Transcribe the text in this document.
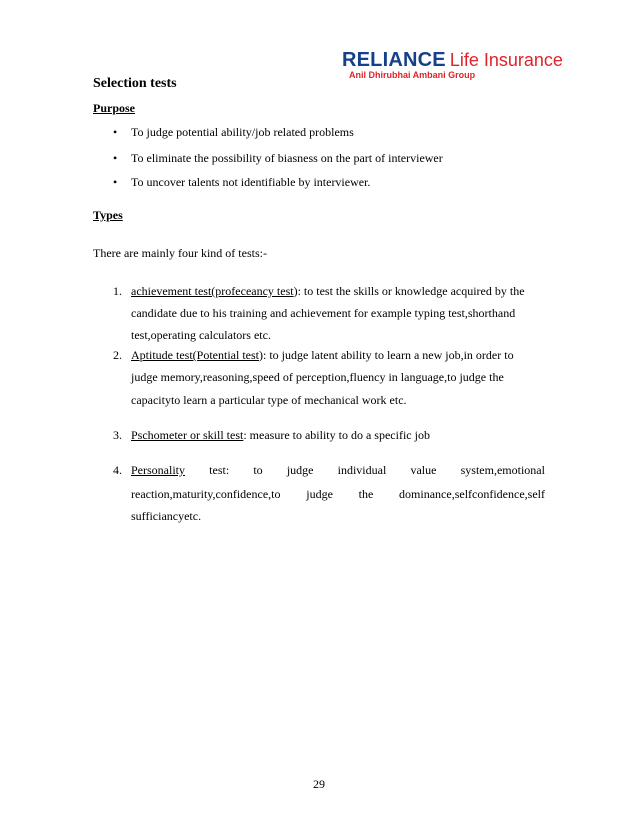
RELIANCE Life Insurance
Anil Dhirubhai Ambani Group
Selection tests
Purpose
• To judge potential ability/job related problems
• To eliminate the possibility of biasness on the part of interviewer
• To uncover talents not identifiable by interviewer.
Types
There are mainly four kind of tests:-
1. achievement test(profeceancy test): to test the skills or knowledge acquired by the
candidate due to his training and achievement for example typing test,shorthand
test,operating calculators etc.
2. Aptitude test(Potential test): to judge latent ability to learn a new job,in order to
judge memory,reasoning,speed of perception,fluency in language,to judge the
capacityto learn a particular type of mechanical work etc.
3. Pschometer or skill test: measure to ability to do a specific job
4. Personality test: to judge individual value system,emotional
reaction,maturity,confidence,to judge the dominance,selfconfidence,self
sufficiancyetc.
29
